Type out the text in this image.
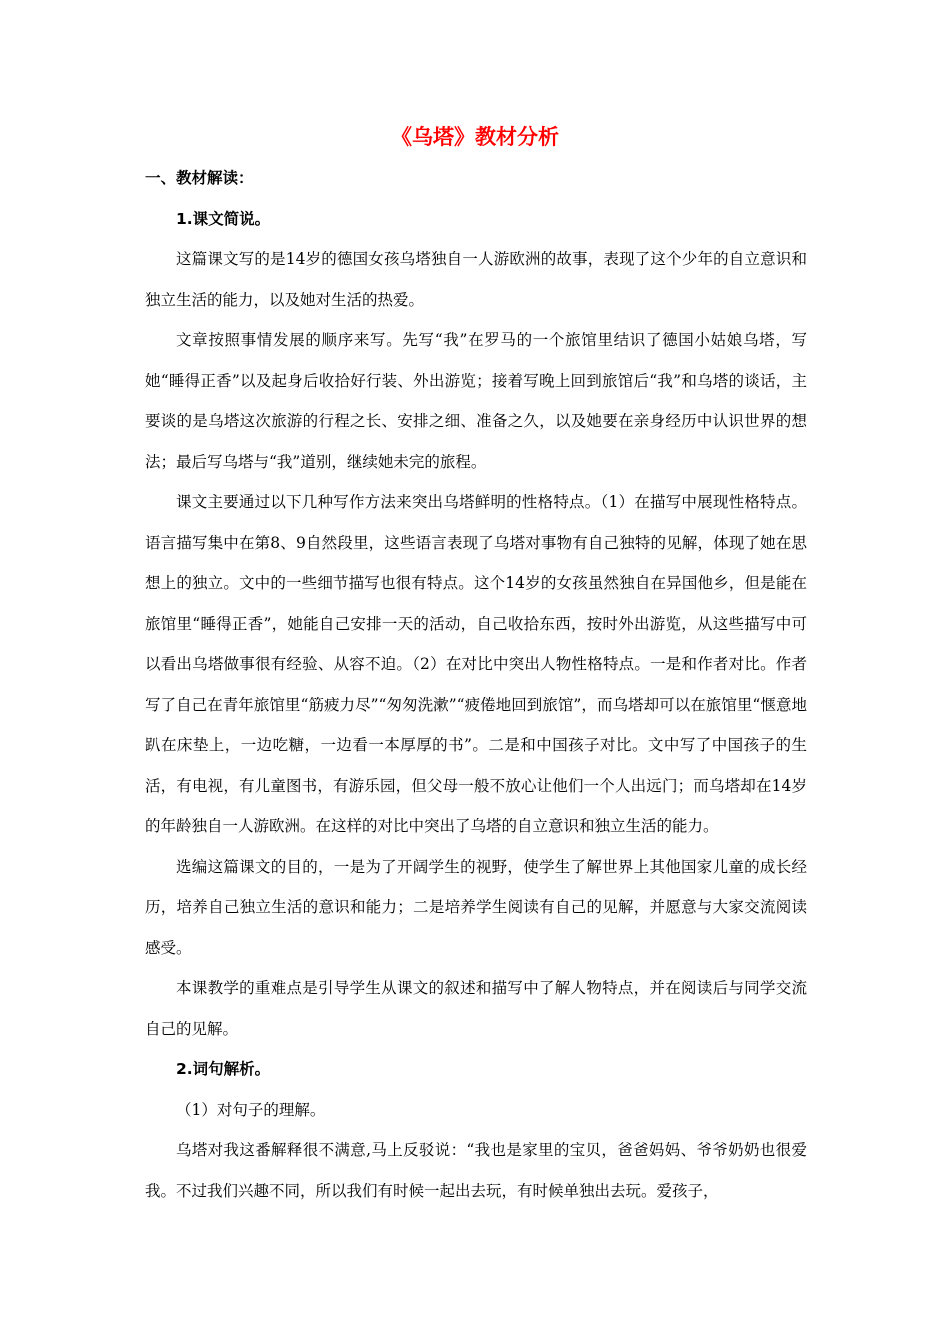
《乌塔》教材分析

一、教材解读：

1.课文简说。

这篇课文写的是14岁的德国女孩乌塔独自一人游欧洲的故事，表现了这个少年的自立意识和独立生活的能力，以及她对生活的热爱。

文章按照事情发展的顺序来写。先写“我”在罗马的一个旅馆里结识了德国小姑娘乌塔，写她“睡得正香”以及起身后收拾好行装、外出游览；接着写晚上回到旅馆后“我”和乌塔的谈话，主要谈的是乌塔这次旅游的行程之长、安排之细、准备之久，以及她要在亲身经历中认识世界的想法；最后写乌塔与“我”道别，继续她未完的旅程。

课文主要通过以下几种写作方法来突出乌塔鲜明的性格特点。（1）在描写中展现性格特点。语言描写集中在第8、9自然段里，这些语言表现了乌塔对事物有自己独特的见解，体现了她在思想上的独立。文中的一些细节描写也很有特点。这个14岁的女孩虽然独自在异国他乡，但是能在旅馆里“睡得正香”，她能自己安排一天的活动，自己收拾东西，按时外出游览，从这些描写中可以看出乌塔做事很有经验、从容不迫。（2）在对比中突出人物性格特点。一是和作者对比。作者写了自己在青年旅馆里“筋疲力尽”“匆匆洗漱”“疲倦地回到旅馆”，而乌塔却可以在旅馆里“惬意地趴在床垫上，一边吃糖，一边看一本厚厚的书”。二是和中国孩子对比。文中写了中国孩子的生活，有电视，有儿童图书，有游乐园，但父母一般不放心让他们一个人出远门；而乌塔却在14岁的年龄独自一人游欧洲。在这样的对比中突出了乌塔的自立意识和独立生活的能力。

选编这篇课文的目的，一是为了开阔学生的视野，使学生了解世界上其他国家儿童的成长经历，培养自己独立生活的意识和能力；二是培养学生阅读有自己的见解，并愿意与大家交流阅读感受。

本课教学的重难点是引导学生从课文的叙述和描写中了解人物特点，并在阅读后与同学交流自己的见解。

2.词句解析。

（1）对句子的理解。

乌塔对我这番解释很不满意,马上反驳说：“我也是家里的宝贝，爸爸妈妈、爷爷奶奶也很爱我。不过我们兴趣不同，所以我们有时候一起出去玩，有时候单独出去玩。爱孩子，
